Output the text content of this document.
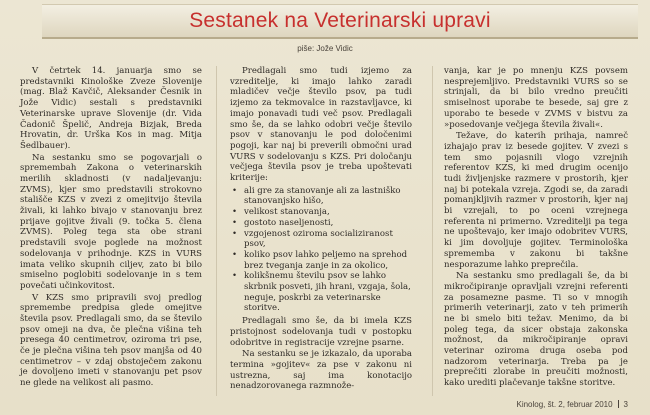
Sestanek na Veterinarski upravi
piše: Jože Vidic

V četrtek 14. januarja smo se predstavniki Kinološke Zveze Slovenije (mag. Blaž Kavčič, Aleksander Česnik in Jože Vidic) sestali s predstavniki Veterinarske uprave Slovenije (dr. Vida Čadonič Špelič, Andreja Bizjak, Breda Hrovatin, dr. Urška Kos in mag. Mitja Šedlbauer).

Na sestanku smo se pogovarjali o spremembah Zakona o veterinarskih merilih skladnosti (v nadaljevanju: ZVMS), kjer smo predstavili strokovno stališče KZS v zvezi z omejitvijo števila živali, ki lahko bivajo v stanovanju brez prijave gojitve živali (9. točka 5. člena ZVMS). Poleg tega sta obe strani predstavili svoje poglede na možnost sodelovanja v prihodnje. KZS in VURS imata veliko skupnih ciljev, zato bi bilo smiselno poglobiti sodelovanje in s tem povečati učinkovitost.

V KZS smo pripravili svoj predlog spremembe predpisa glede omejitve števila psov. Predlagali smo, da se število psov omeji na dva, če plečna višina teh presega 40 centimetrov, oziroma tri pse, če je plečna višina teh psov manjša od 40 centimetrov – v zdaj obstoječem zakonu je dovoljeno imeti v stanovanju pet psov ne glede na velikost ali pasmo.

Predlagali smo tudi izjemo za vzreditelje, ki imajo lahko zaradi mladičev večje število psov, pa tudi izjemo za tekmovalce in razstavljavce, ki imajo ponavadi tudi več psov. Predlagali smo še, da se lahko odobri večje število psov v stanovanju le pod določenimi pogoji, kar naj bi preverili območni urad VURS v sodelovanju s KZS. Pri določanju večjega števila psov je treba upoštevati kriterije:

• ali gre za stanovanje ali za lastniško stanovanjsko hišo,
• velikost stanovanja,
• gostoto naseljenosti,
• vzgojenost oziroma socializiranost psov,
• koliko psov lahko peljemo na sprehod brez tveganja zanje in za okolico,
• kolikšnemu številu psov se lahko skrbnik posveti, jih hrani, vzgaja, šola, neguje, poskrbi za veterinarske storitve.

Predlagali smo še, da bi imela KZS pristojnost sodelovanja tudi v postopku odobritve in registracije vzrejne psarne.

Na sestanku se je izkazalo, da uporaba termina »gojitev« za pse v zakonu ni ustrezna, saj ima konotacijo nenadzorovanega razmnože-

vanja, kar je po mnenju KZS povsem nesprejemljivo. Predstavniki VURS so se strinjali, da bi bilo vredno preučiti smiselnost uporabe te besede, saj gre z uporabo te besede v ZVMS v bistvu za »posedovanje večjega števila živali«.

Težave, do katerih prihaja, namreč izhajajo prav iz besede gojitev. V zvezi s tem smo pojasnili vlogo vzrejnih referentov KZS, ki med drugim ocenijo tudi življenjske razmere v prostorih, kjer naj bi potekala vzreja. Zgodi se, da zaradi pomanjkljivih razmer v prostorih, kjer naj bi vzrejali, to po oceni vzrejnega referenta ni primerno. Vzreditelji pa tega ne upoštevajo, ker imajo odobritev VURS, ki jim dovoljuje gojitev. Terminološka sprememba v zakonu bi takšne nesporazume lahko preprečila.

Na sestanku smo predlagali še, da bi mikročipiranje opravljali vzrejni referenti za posamezne pasme. Ti so v mnogih primerih veterinarji, zato v teh primerih ne bi smelo biti težav. Menimo, da bi poleg tega, da sicer obstaja zakonska možnost, da mikročipiranje opravi veterinar oziroma druga oseba pod nadzorom veterinarja. Treba pa je preprečiti zlorabe in preučiti možnosti, kako urediti plačevanje takšne storitve.

Kinolog, št. 2, februar 2010 3
